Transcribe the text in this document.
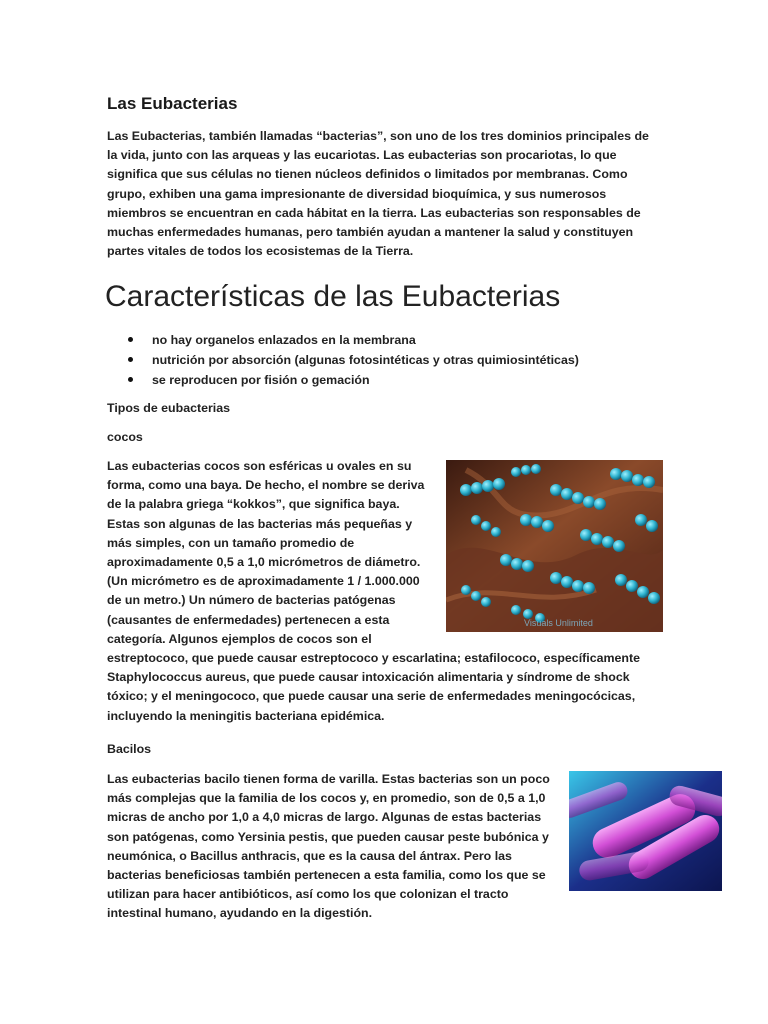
Las Eubacterias

Las Eubacterias, también llamadas “bacterias”, son uno de los tres dominios principales de la vida, junto con las arqueas y las eucariotas. Las eubacterias son procariotas, lo que significa que sus células no tienen núcleos definidos o limitados por membranas. Como grupo, exhiben una gama impresionante de diversidad bioquímica, y sus numerosos miembros se encuentran en cada hábitat en la tierra. Las eubacterias son responsables de muchas enfermedades humanas, pero también ayudan a mantener la salud y constituyen partes vitales de todos los ecosistemas de la Tierra.

Características de las Eubacterias
no hay organelos enlazados en la membrana
nutrición por absorción (algunas fotosintéticas y otras quimiosintéticas)
se reproducen por fisión o gemación
Tipos de eubacterias
cocos
Visuals Unlimited

Las eubacterias cocos son esféricas u ovales en su forma, como una baya. De hecho, el nombre se deriva de la palabra griega “kokkos”, que significa baya. Estas son algunas de las bacterias más pequeñas y más simples, con un tamaño promedio de aproximadamente 0,5 a 1,0 micrómetros de diámetro. (Un micrómetro es de aproximadamente 1 / 1.000.000 de un metro.) Un número de bacterias patógenas (causantes de enfermedades) pertenecen a esta categoría. Algunos ejemplos de cocos son el estreptococo, que puede causar estreptococo y escarlatina; estafilococo, específicamente Staphylococcus aureus, que puede causar intoxicación alimentaria y síndrome de shock tóxico; y el meningococo, que puede causar una serie de enfermedades meningocócicas, incluyendo la meningitis bacteriana epidémica.

Bacilos

Las eubacterias bacilo tienen forma de varilla. Estas bacterias son un poco más complejas que la familia de los cocos y, en promedio, son de 0,5 a 1,0 micras de ancho por 1,0 a 4,0 micras de largo. Algunas de estas bacterias son patógenas, como Yersinia pestis, que pueden causar peste bubónica y neumónica, o Bacillus anthracis, que es la causa del ántrax. Pero las bacterias beneficiosas también pertenecen a esta familia, como los que se utilizan para hacer antibióticos, así como los que colonizan el tracto intestinal humano, ayudando en la digestión.
